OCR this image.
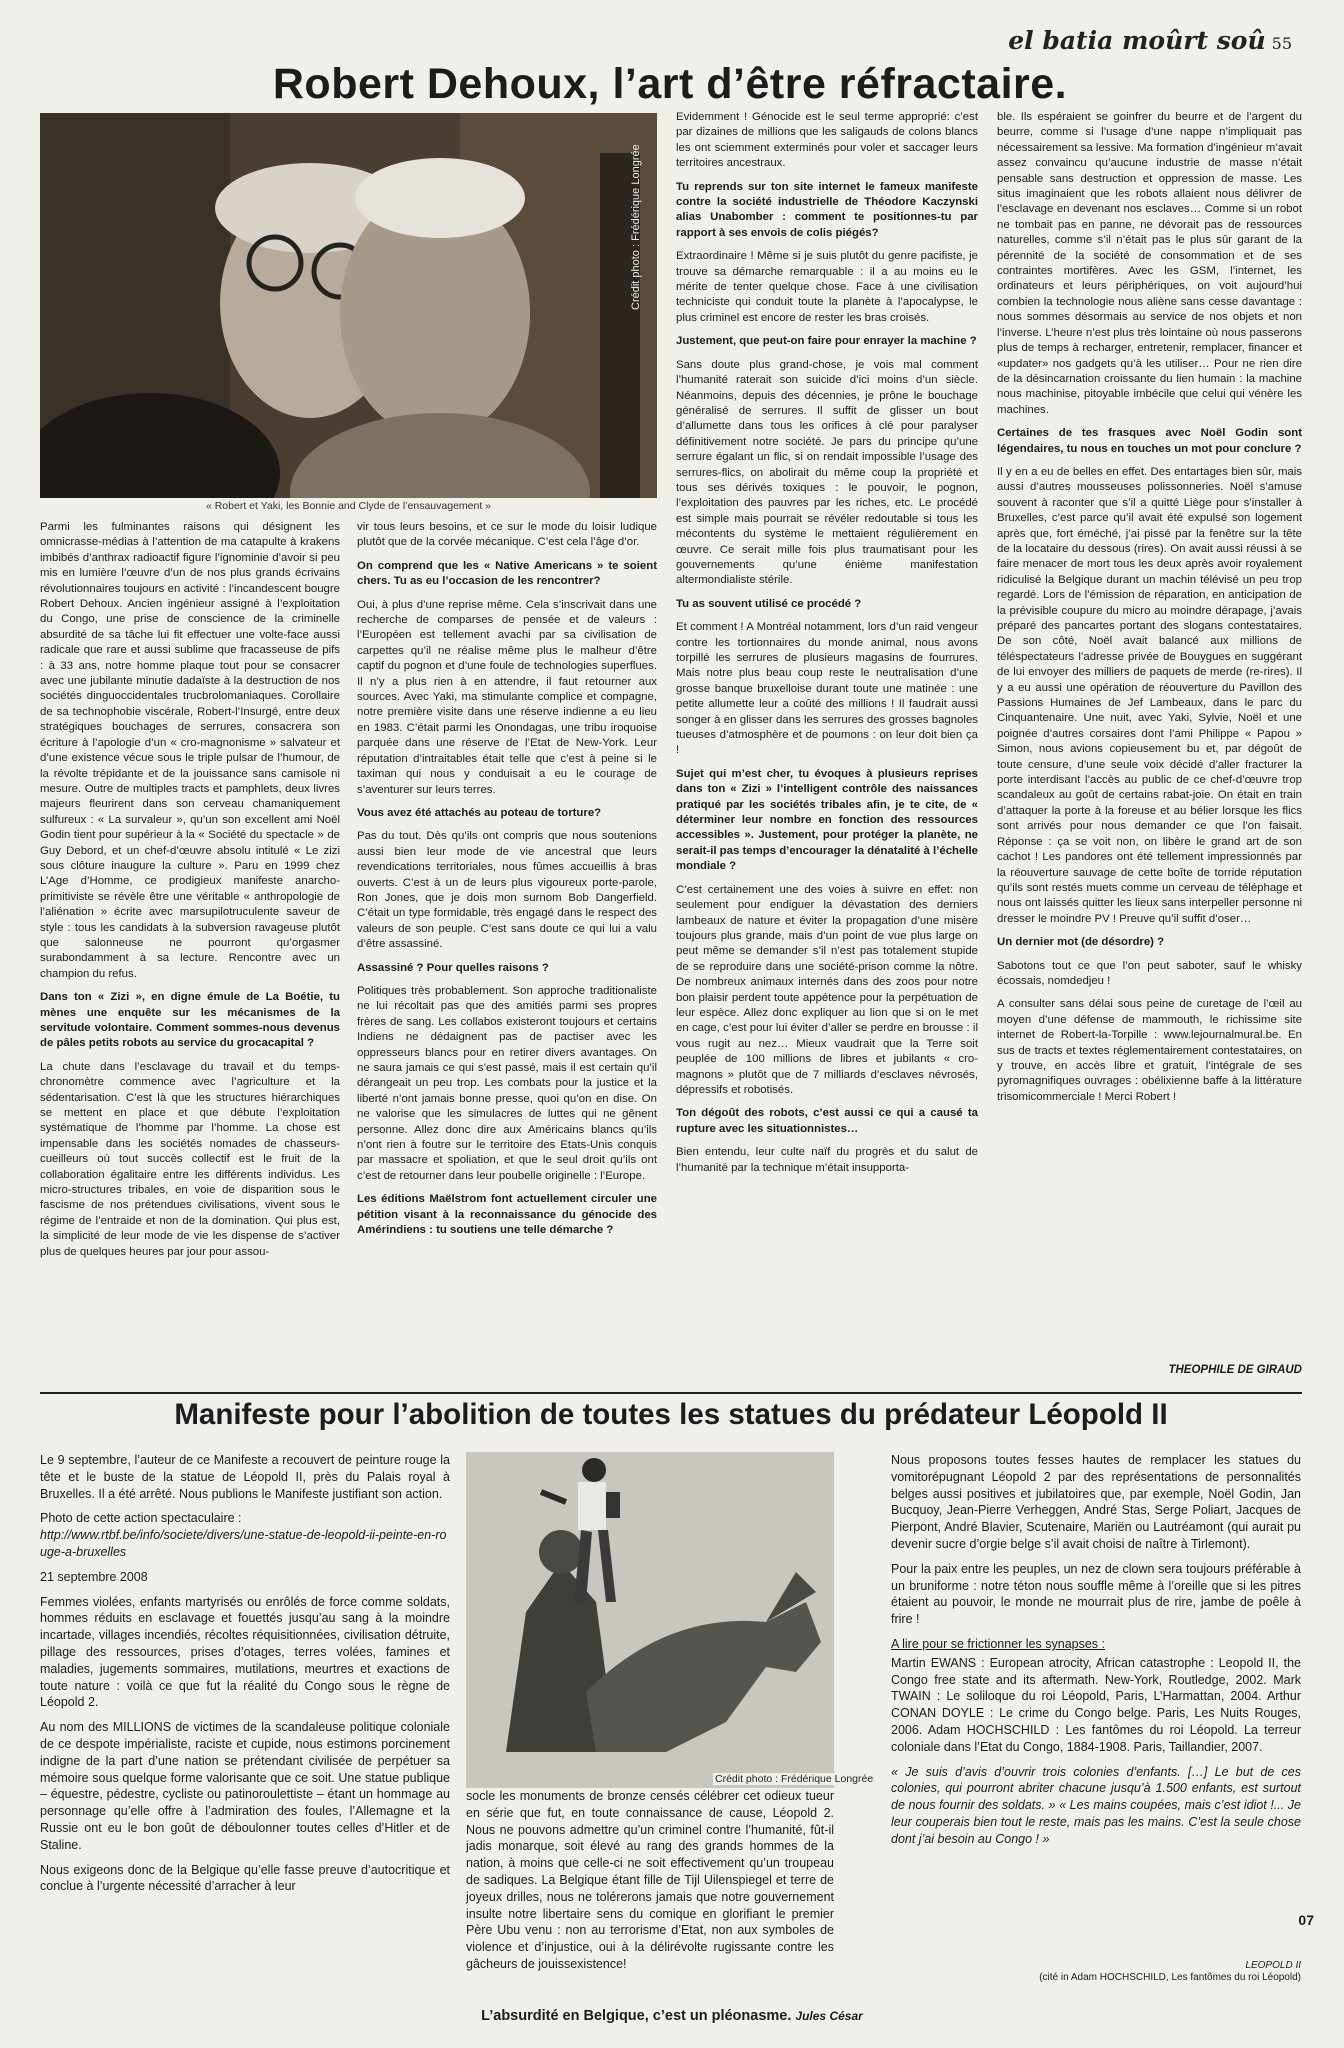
el batia moûrt soû 55
Robert Dehoux, l’art d’être réfractaire.
Crédit photo : Frédérique Longrée
« Robert et Yaki, les Bonnie and Clyde de l’ensauvagement »

Parmi les fulminantes raisons qui désignent les omnicrasse-médias à l’attention de ma catapulte à krakens imbibés d’anthrax radioactif figure l’ignominie d’avoir si peu mis en lumière l’œuvre d’un de nos plus grands écrivains révolutionnaires toujours en activité : l’incandescent bougre Robert Dehoux. Ancien ingénieur assigné à l’exploitation du Congo, une prise de conscience de la criminelle absurdité de sa tâche lui fit effectuer une volte-face aussi radicale que rare et aussi sublime que fracasseuse de pifs : à 33 ans, notre homme plaque tout pour se consacrer avec une jubilante minutie dadaïste à la destruction de nos sociétés dinguoccidentales trucbrolomaniaques. Corollaire de sa technophobie viscérale, Robert-l’Insurgé, entre deux stratégiques bouchages de serrures, consacrera son écriture à l’apologie d’un « cro-magnonisme » salvateur et d’une existence vécue sous le triple pulsar de l’humour, de la révolte trépidante et de la jouissance sans camisole ni mesure. Outre de multiples tracts et pamphlets, deux livres majeurs fleurirent dans son cerveau chamaniquement sulfureux : « La survaleur », qu’un son excellent ami Noël Godin tient pour supérieur à la « Société du spectacle » de Guy Debord, et un chef-d’œuvre absolu intitulé « Le zizi sous clôture inaugure la culture ». Paru en 1999 chez L’Age d’Homme, ce prodigieux manifeste anarcho-primitiviste se révèle être une véritable « anthropologie de l’aliénation » écrite avec marsupilotruculente saveur de style : tous les candidats à la subversion ravageuse plutôt que salonneuse ne pourront qu’orgasmer surabondamment à sa lecture. Rencontre avec un champion du refus.

Dans ton « Zizi », en digne émule de La Boétie, tu mènes une enquête sur les mécanismes de la servitude volontaire. Comment sommes-nous devenus de pâles petits robots au service du grocacapital ?

La chute dans l’esclavage du travail et du temps-chronomètre commence avec l’agriculture et la sédentarisation. C’est là que les structures hiérarchiques se mettent en place et que débute l’exploitation systématique de l’homme par l’homme. La chose est impensable dans les sociétés nomades de chasseurs-cueilleurs où tout succès collectif est le fruit de la collaboration égalitaire entre les différents individus. Les micro-structures tribales, en voie de disparition sous le fascisme de nos prétendues civilisations, vivent sous le régime de l’entraide et non de la domination. Qui plus est, la simplicité de leur mode de vie les dispense de s’activer plus de quelques heures par jour pour assou-

vir tous leurs besoins, et ce sur le mode du loisir ludique plutôt que de la corvée mécanique. C’est cela l’âge d’or.

On comprend que les « Native Americans » te soient chers. Tu as eu l’occasion de les rencontrer?

Oui, à plus d’une reprise même. Cela s’inscrivait dans une recherche de comparses de pensée et de valeurs : l’Européen est tellement avachi par sa civilisation de carpettes qu’il ne réalise même plus le malheur d’être captif du pognon et d’une foule de technologies superflues. Il n’y a plus rien à en attendre, il faut retourner aux sources. Avec Yaki, ma stimulante complice et compagne, notre première visite dans une réserve indienne a eu lieu en 1983. C’était parmi les Onondagas, une tribu iroquoise parquée dans une réserve de l’Etat de New-York. Leur réputation d’intraitables était telle que c’est à peine si le taximan qui nous y conduisait a eu le courage de s’aventurer sur leurs terres.

Vous avez été attachés au poteau de torture?

Pas du tout. Dès qu’ils ont compris que nous soutenions aussi bien leur mode de vie ancestral que leurs revendications territoriales, nous fûmes accueillis à bras ouverts. C’est à un de leurs plus vigoureux porte-parole, Ron Jones, que je dois mon surnom Bob Dangerfield. C’était un type formidable, très engagé dans le respect des valeurs de son peuple. C’est sans doute ce qui lui a valu d’être assassiné.

Assassiné ? Pour quelles raisons ?

Politiques très probablement. Son approche traditionaliste ne lui récoltait pas que des amitiés parmi ses propres frères de sang. Les collabos existeront toujours et certains Indiens ne dédaignent pas de pactiser avec les oppresseurs blancs pour en retirer divers avantages. On ne saura jamais ce qui s’est passé, mais il est certain qu’il dérangeait un peu trop. Les combats pour la justice et la liberté n’ont jamais bonne presse, quoi qu’on en dise. On ne valorise que les simulacres de luttes qui ne gênent personne. Allez donc dire aux Américains blancs qu’ils n’ont rien à foutre sur le territoire des Etats-Unis conquis par massacre et spoliation, et que le seul droit qu’ils ont c’est de retourner dans leur poubelle originelle : l’Europe.

Les éditions Maëlstrom font actuellement circuler une pétition visant à la reconnaissance du génocide des Amérindiens : tu soutiens une telle démarche ?

Evidemment ! Génocide est le seul terme approprié: c’est par dizaines de millions que les saligauds de colons blancs les ont sciemment exterminés pour voler et saccager leurs territoires ancestraux.

Tu reprends sur ton site internet le fameux manifeste contre la société industrielle de Théodore Kaczynski alias Unabomber : comment te positionnes-tu par rapport à ses envois de colis piégés?

Extraordinaire ! Même si je suis plutôt du genre pacifiste, je trouve sa démarche remarquable : il a au moins eu le mérite de tenter quelque chose. Face à une civilisation techniciste qui conduit toute la planète à l’apocalypse, le plus criminel est encore de rester les bras croisés.

Justement, que peut-on faire pour enrayer la machine ?

Sans doute plus grand-chose, je vois mal comment l’humanité raterait son suicide d’ici moins d’un siècle. Néanmoins, depuis des décennies, je prône le bouchage généralisé de serrures. Il suffit de glisser un bout d’allumette dans tous les orifices à clé pour paralyser définitivement notre société. Je pars du principe qu’une serrure égalant un flic, si on rendait impossible l’usage des serrures-flics, on abolirait du même coup la propriété et tous ses dérivés toxiques : le pouvoir, le pognon, l’exploitation des pauvres par les riches, etc. Le procédé est simple mais pourrait se révéler redoutable si tous les mécontents du système le mettaient régulièrement en œuvre. Ce serait mille fois plus traumatisant pour les gouvernements qu’une énième manifestation altermondialiste stérile.

Tu as souvent utilisé ce procédé ?

Et comment ! A Montréal notamment, lors d’un raid vengeur contre les tortionnaires du monde animal, nous avons torpillé les serrures de plusieurs magasins de fourrures. Mais notre plus beau coup reste le neutralisation d’une grosse banque bruxelloise durant toute une matinée : une petite allumette leur a coûté des millions ! Il faudrait aussi songer à en glisser dans les serrures des grosses bagnoles tueuses d’atmosphère et de poumons : on leur doit bien ça !

Sujet qui m’est cher, tu évoques à plusieurs reprises dans ton « Zizi » l’intelligent contrôle des naissances pratiqué par les sociétés tribales afin, je te cite, de « déterminer leur nombre en fonction des ressources accessibles ». Justement, pour protéger la planète, ne serait-il pas temps d’encourager la dénatalité à l’échelle mondiale ?

C’est certainement une des voies à suivre en effet: non seulement pour endiguer la dévastation des derniers lambeaux de nature et éviter la propagation d’une misère toujours plus grande, mais d’un point de vue plus large on peut même se demander s’il n’est pas totalement stupide de se reproduire dans une société-prison comme la nôtre. De nombreux animaux internés dans des zoos pour notre bon plaisir perdent toute appétence pour la perpétuation de leur espèce. Allez donc expliquer au lion que si on le met en cage, c’est pour lui éviter d’aller se perdre en brousse : il vous rugit au nez… Mieux vaudrait que la Terre soit peuplée de 100 millions de libres et jubilants « cro-magnons » plutôt que de 7 milliards d’esclaves névrosés, dépressifs et robotisés.

Ton dégoût des robots, c’est aussi ce qui a causé ta rupture avec les situationnistes…

Bien entendu, leur culte naïf du progrès et du salut de l’humanité par la technique m’était insupporta-

ble. Ils espéraient se goinfrer du beurre et de l’argent du beurre, comme si l’usage d’une nappe n’impliquait pas nécessairement sa lessive. Ma formation d’ingénieur m’avait assez convaincu qu’aucune industrie de masse n’était pensable sans destruction et oppression de masse. Les situs imaginaient que les robots allaient nous délivrer de l’esclavage en devenant nos esclaves… Comme si un robot ne tombait pas en panne, ne dévorait pas de ressources naturelles, comme s’il n’était pas le plus sûr garant de la pérennité de la société de consommation et de ses contraintes mortifères. Avec les GSM, l’internet, les ordinateurs et leurs périphériques, on voit aujourd’hui combien la technologie nous aliène sans cesse davantage : nous sommes désormais au service de nos objets et non l’inverse. L’heure n’est plus très lointaine où nous passerons plus de temps à recharger, entretenir, remplacer, financer et «updater» nos gadgets qu’à les utiliser… Pour ne rien dire de la désincarnation croissante du lien humain : la machine nous machinise, pitoyable imbécile que celui qui vénère les machines.

Certaines de tes frasques avec Noël Godin sont légendaires, tu nous en touches un mot pour conclure ?

Il y en a eu de belles en effet. Des entartages bien sûr, mais aussi d’autres mousseuses polissonneries. Noël s’amuse souvent à raconter que s’il a quitté Liège pour s’installer à Bruxelles, c’est parce qu’il avait été expulsé son logement après que, fort éméché, j’ai pissé par la fenêtre sur la tête de la locataire du dessous (rires). On avait aussi réussi à se faire menacer de mort tous les deux après avoir royalement ridiculisé la Belgique durant un machin télévisé un peu trop regardé. Lors de l’émission de réparation, en anticipation de la prévisible coupure du micro au moindre dérapage, j’avais préparé des pancartes portant des slogans contestataires. De son côté, Noël avait balancé aux millions de téléspectateurs l’adresse privée de Bouygues en suggérant de lui envoyer des milliers de paquets de merde (re-rires). Il y a eu aussi une opération de réouverture du Pavillon des Passions Humaines de Jef Lambeaux, dans le parc du Cinquantenaire. Une nuit, avec Yaki, Sylvie, Noël et une poignée d’autres corsaires dont l’ami Philippe « Papou » Simon, nous avions copieusement bu et, par dégoût de toute censure, d’une seule voix décidé d’aller fracturer la porte interdisant l’accès au public de ce chef-d’œuvre trop scandaleux au goût de certains rabat-joie. On était en train d’attaquer la porte à la foreuse et au bélier lorsque les flics sont arrivés pour nous demander ce que l’on faisait. Réponse : ça se voit non, on libère le grand art de son cachot ! Les pandores ont été tellement impressionnés par la réouverture sauvage de cette boîte de torride réputation qu’ils sont restés muets comme un cerveau de téléphage et nous ont laissés quitter les lieux sans interpeller personne ni dresser le moindre PV ! Preuve qu’il suffit d’oser…

Un dernier mot (de désordre) ?

Sabotons tout ce que l’on peut saboter, sauf le whisky écossais, nomdedjeu !

A consulter sans délai sous peine de curetage de l’œil au moyen d’une défense de mammouth, le richissime site internet de Robert-la-Torpille : www.lejournalmural.be. En sus de tracts et textes réglementairement contestataires, on y trouve, en accès libre et gratuit, l’intégrale de ses pyromagnifiques ouvrages : obélixienne baffe à la littérature trisomicommerciale ! Merci Robert !

THEOPHILE DE GIRAUD
Manifeste pour l’abolition de toutes les statues du prédateur Léopold II

Le 9 septembre, l’auteur de ce Manifeste a recouvert de peinture rouge la tête et le buste de la statue de Léopold II, près du Palais royal à Bruxelles. Il a été arrêté. Nous publions le Manifeste justifiant son action.

Photo de cette action spectaculaire :

http://www.rtbf.be/info/societe/divers/une-statue-de-leopold-ii-peinte-en-rouge-a-bruxelles

21 septembre 2008

Femmes violées, enfants martyrisés ou enrôlés de force comme soldats, hommes réduits en esclavage et fouettés jusqu’au sang à la moindre incartade, villages incendiés, récoltes réquisitionnées, civilisation détruite, pillage des ressources, prises d’otages, terres volées, famines et maladies, jugements sommaires, mutilations, meurtres et exactions de toute nature : voilà ce que fut la réalité du Congo sous le règne de Léopold 2.

Au nom des MILLIONS de victimes de la scandaleuse politique coloniale de ce despote impérialiste, raciste et cupide, nous estimons porcinement indigne de la part d’une nation se prétendant civilisée de perpétuer sa mémoire sous quelque forme valorisante que ce soit. Une statue publique – équestre, pédestre, cycliste ou patinoroulettiste – étant un hommage au personnage qu’elle offre à l’admiration des foules, l’Allemagne et la Russie ont eu le bon goût de déboulonner toutes celles d’Hitler et de Staline.

Nous exigeons donc de la Belgique qu’elle fasse preuve d’autocritique et conclue à l’urgente nécessité d’arracher à leur

Crédit photo : Frédérique Longrée

socle les monuments de bronze censés célébrer cet odieux tueur en série que fut, en toute connaissance de cause, Léopold 2. Nous ne pouvons admettre qu’un criminel contre l’humanité, fût-il jadis monarque, soit élevé au rang des grands hommes de la nation, à moins que celle-ci ne soit effectivement qu’un troupeau de sadiques. La Belgique étant fille de Tijl Uilenspiegel et terre de joyeux drilles, nous ne tolérerons jamais que notre gouvernement insulte notre libertaire sens du comique en glorifiant le premier Père Ubu venu : non au terrorisme d’Etat, non aux symboles de violence et d’injustice, oui à la délirévolte rugissante contre les gâcheurs de jouissexistence!

Nous proposons toutes fesses hautes de remplacer les statues du vomitorépugnant Léopold 2 par des représentations de personnalités belges aussi positives et jubilatoires que, par exemple, Noël Godin, Jan Bucquoy, Jean-Pierre Verheggen, André Stas, Serge Poliart, Jacques de Pierpont, André Blavier, Scutenaire, Mariën ou Lautréamont (qui aurait pu devenir sucre d’orgie belge s’il avait choisi de naître à Tirlemont).

Pour la paix entre les peuples, un nez de clown sera toujours préférable à un bruniforme : notre téton nous souffle même à l’oreille que si les pitres étaient au pouvoir, le monde ne mourrait plus de rire, jambe de poêle à frire !

A lire pour se frictionner les synapses :

Martin EWANS : European atrocity, African catastrophe : Leopold II, the Congo free state and its aftermath. New-York, Routledge, 2002. Mark TWAIN : Le soliloque du roi Léopold, Paris, L’Harmattan, 2004. Arthur CONAN DOYLE : Le crime du Congo belge. Paris, Les Nuits Rouges, 2006. Adam HOCHSCHILD : Les fantômes du roi Léopold. La terreur coloniale dans l’Etat du Congo, 1884-1908. Paris, Taillandier, 2007.

« Je suis d’avis d’ouvrir trois colonies d’enfants. […] Le but de ces colonies, qui pourront abriter chacune jusqu’à 1.500 enfants, est surtout de nous fournir des soldats. » « Les mains coupées, mais c’est idiot !... Je leur couperais bien tout le reste, mais pas les mains. C’est la seule chose dont j’ai besoin au Congo ! »

LEOPOLD II
(cité in Adam HOCHSCHILD, Les fantômes du roi Léopold)
07
L’absurdité en Belgique, c’est un pléonasme. Jules César
